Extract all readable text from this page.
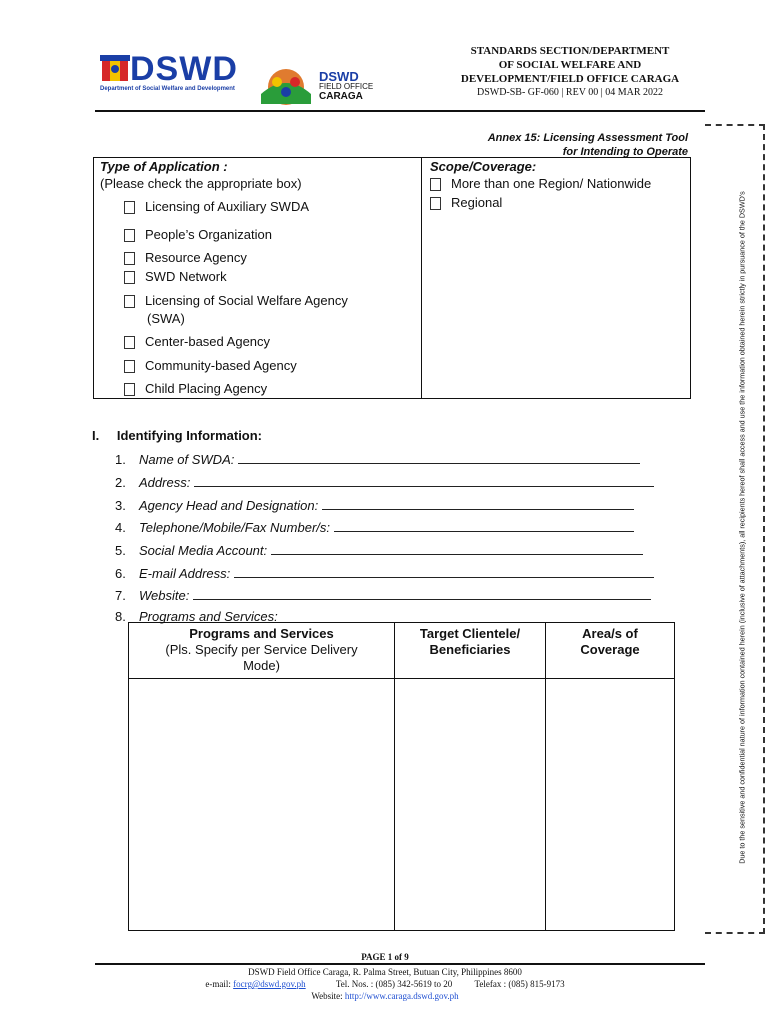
DSWD
Department of Social Welfare and Development
DSWD
FIELD OFFICE
CARAGA
STANDARDS SECTION/DEPARTMENT
OF SOCIAL WELFARE AND
DEVELOPMENT/FIELD OFFICE CARAGA
DSWD-SB- GF-060 | REV 00 | 04 MAR 2022
Annex 15: Licensing Assessment Tool
for Intending to Operate
Type of Application :
(Please check the appropriate box)
Licensing of Auxiliary SWDA
People’s Organization
Resource Agency
SWD Network
Licensing of Social Welfare Agency
(SWA)
Center-based Agency
Community-based Agency
Child Placing Agency
Scope/Coverage:
More than one Region/ Nationwide
Regional
I. Identifying Information:
1. Name of SWDA:
2. Address:
3. Agency Head and Designation:
4. Telephone/Mobile/Fax Number/s:
5. Social Media Account:
6. E-mail Address:
7. Website:
8. Programs and Services:
Programs and Services
(Pls. Specify per Service Delivery
Mode)
Target Clientele/
Beneficiaries
Area/s of
Coverage	Due to the sensitive and confidential nature of information contained herein (inclusive of attachments), all recipients hereof shall access and use the information obtained herein strictly in pursuance of the DSWD's
PAGE 1 of 9
DSWD Field Office Caraga, R. Palma Street, Butuan City, Philippines 8600
e-mail: focrg@dswd.gov.ph	Tel. Nos. : (085) 342-5619 to 20 Telefax : (085) 815-9173
Website: http://www.caraga.dswd.gov.ph
